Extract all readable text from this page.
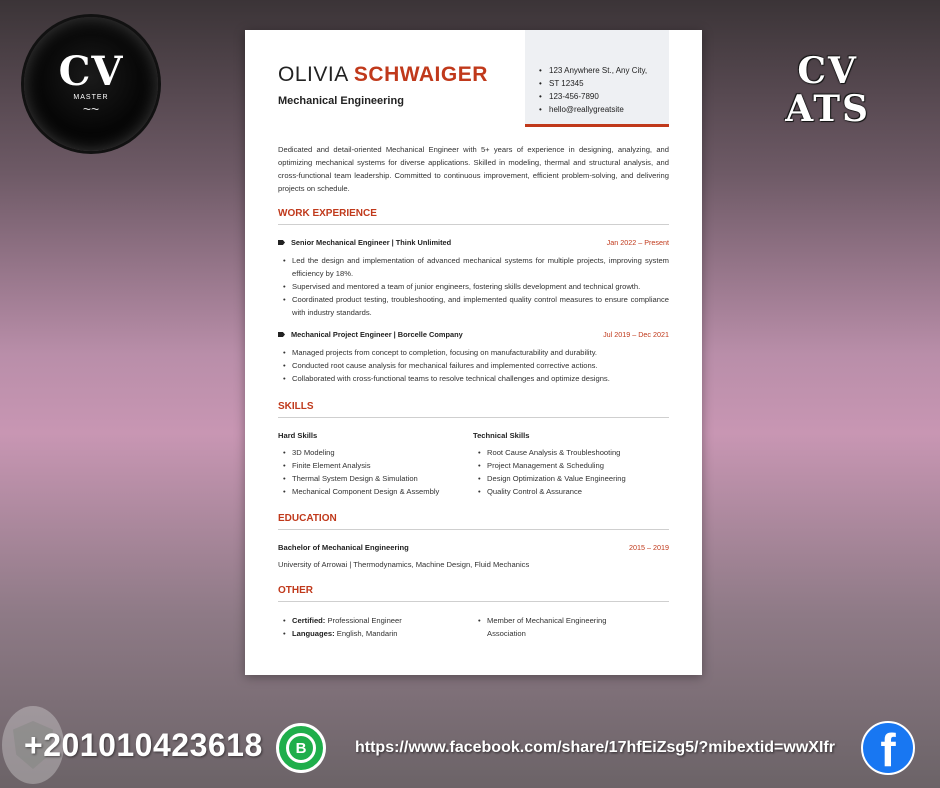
CV
MASTER
~~
CV
ATS
OLIVIA SCHWAIGER
Mechanical Engineering
• 123 Anywhere St., Any City,
• ST 12345
• 123-456-7890
• hello@reallygreatsite
Dedicated and detail-oriented Mechanical Engineer with 5+ years of experience in designing, analyzing, and optimizing mechanical systems for diverse applications. Skilled in modeling, thermal and structural analysis, and cross-functional team leadership. Committed to continuous improvement, efficient problem-solving, and delivering projects on schedule.
WORK EXPERIENCE
Senior Mechanical Engineer | Think Unlimited	Jan 2022 – Present
• Led the design and implementation of advanced mechanical systems for multiple projects, improving system efficiency by 18%.
• Supervised and mentored a team of junior engineers, fostering skills development and technical growth.
• Coordinated product testing, troubleshooting, and implemented quality control measures to ensure compliance with industry standards.
Mechanical Project Engineer | Borcelle Company	Jul 2019 – Dec 2021
• Managed projects from concept to completion, focusing on manufacturability and durability.
• Conducted root cause analysis for mechanical failures and implemented corrective actions.
• Collaborated with cross-functional teams to resolve technical challenges and optimize designs.
SKILLS
Hard Skills
• 3D Modeling
• Finite Element Analysis
• Thermal System Design & Simulation
• Mechanical Component Design & Assembly
Technical Skills
• Root Cause Analysis & Troubleshooting
• Project Management & Scheduling
• Design Optimization & Value Engineering
• Quality Control & Assurance
EDUCATION
Bachelor of Mechanical Engineering	2015 – 2019
University of Arrowai | Thermodynamics, Machine Design, Fluid Mechanics
OTHER
• Certified: Professional Engineer
• Languages: English, Mandarin
• Member of Mechanical Engineering Association
+201010423618	B	https://www.facebook.com/share/17hfEiZsg5/?mibextid=wwXIfr f
